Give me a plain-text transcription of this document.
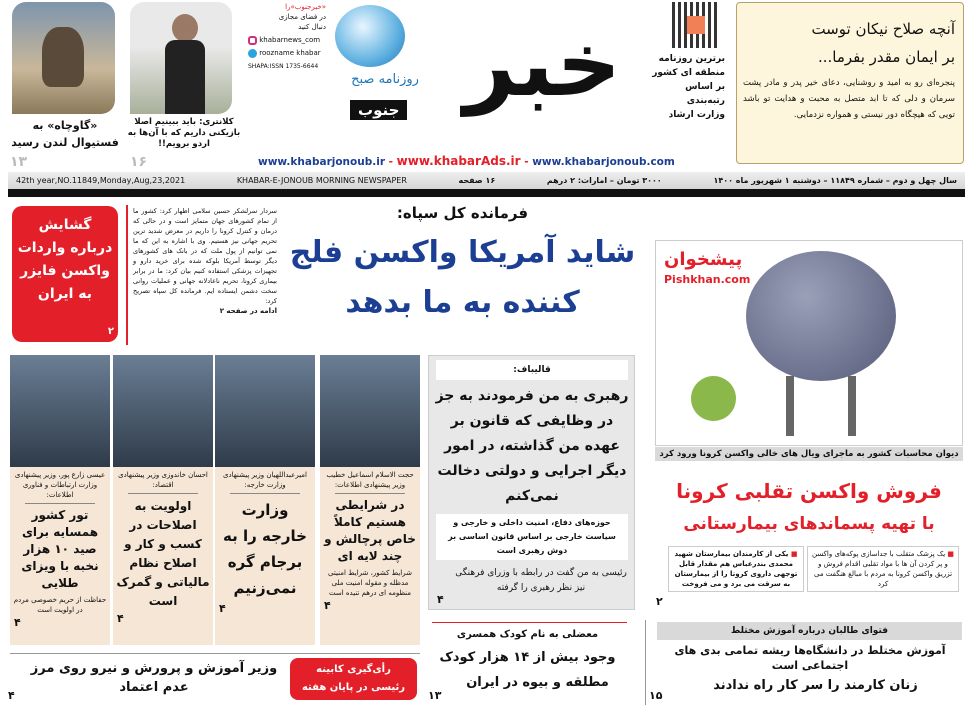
«گاوچاه» به فستیوال لندن رسید
۱۳
کلانتری: باید ببینیم اصلا بازیکنی داریم که با آن‌ها به اردو برویم!!
۱۶
«خبرجنوب»را
در فضای مجازی
دنبال کنید
khabarnews_com
roozname khabar
SHAPA:ISSN 1735-6644
روزنامه صبح خبر
جنوب
برترین روزنامه
منطقه ای کشور
بر اساس
رتبه‌بندی
وزارت ارشاد
آنچه صلاح نیکان توست
بر ایمان مقدر بفرما...
پنجره‌ای رو به امید و روشنایی، دعای خیر پدر و مادر پشت سرمان و دلی که تا ابد متصل به محبت و هدایت تو باشد تویی که هیچگاه دور نیستی و همواره نزدمایی.
www.khabarjonoub.ir - www.khabarAds.ir - www.khabarjonoub.com
42th year,NO.11849,Monday,Aug,23,2021	KHABAR-E-JONOUB MORNING NEWSPAPER	۱۶ صفحه	۳۰۰۰ تومان – امارات: ۲ درهم	سال چهل و دوم – شماره ۱۱۸۴۹ – دوشنبه ۱ شهریور ماه ۱۴۰۰
گشایش درباره واردات واکسن فایزر به ایران
۲
سردار سرلشکر حسین سلامی اظهار کرد: کشور ما از تمام کشورهای جهان متمایز است و در حالی که درمان و کنترل کرونا را داریم در معرض شدید ترین تحریم جهانی نیز هستیم. وی با اشاره به این که ما نمی توانیم از پول ملت که در بانک های کشورهای دیگر توسط آمریکا بلوکه شده برای خرید دارو و تجهیزات پزشکی استفاده کنیم بیان کرد: ما در برابر بیماری کرونا، تحریم ناعادلانه جهانی و عملیات روانی سخت دشمن ایستاده ایم. فرمانده کل سپاه تصریح کرد:
ادامه در صفحه ۲
فرمانده کل سپاه:
شاید آمریکا واکسن فلج کننده به ما بدهد
پیشخوان
Pishkhan.com
دیوان محاسبات کشور به ماجرای ویال های خالی واکسن کرونا ورود کرد
فروش واکسن تقلبی کرونا
با تهیه پسماندهای بیمارستانی
■ یک پزشک متقلب با جداسازی پوکه‌های واکسن و پر کردن آن ها با مواد تقلبی اقدام فروش و تزریق واکسن کرونا به مردم با مبالغ هنگفت می کرد
■ یکی از کارمندان بیمارستان شهید محمدی بندرعباس هم مقدار قابل توجهی داروی کرونا را از بیمارستان به سرقت می برد و می فروخت
۲
قالیباف:
رهبری به من فرمودند به جز در وظایفی که قانون بر عهده من گذاشته، در امور دیگر اجرایی و دولتی دخالت نمی‌کنم
حوزه‌های دفاع، امنیت داخلی و خارجی و سیاست خارجی بر اساس قانون اساسی بر دوش رهبری است
رئیسی به من گفت در رابطه با وزرای فرهنگی نیز نظر رهبری را گرفته
۴
حجت الاسلام اسماعیل خطیب وزیر پیشنهادی اطلاعات:
در شرایطی هستیم کاملاً خاص پرچالش و چند لایه ای
شرایط کشور، شرایط امنیتی مدظله و مقوله امنیت ملی منظومه ای درهم تنیده است
۴
امیرعبداللهیان وزیر پیشنهادی وزارت خارجه:
وزارت خارجه را به برجام گره نمی‌زنیم
۴
احسان خاندوزی وزیر پیشنهادی اقتصاد:
اولویت به اصلاحات در کسب و کار و اصلاح نظام مالیاتی و گمرک است
۴
عیسی زارع پور، وزیر پیشنهادی وزارت ارتباطات و فناوری اطلاعات:
تور کشور همسایه برای صید ۱۰ هزار نخبه با ویزای طلایی
حفاظت از حریم خصوصی مردم در اولویت است
۴
رأی‌گیری کابینه رئیسی در پایان هفته
وزیر آموزش و پرورش و نیرو روی مرز عدم اعتماد
۴
معضلی به نام کودک همسری
وجود بیش از ۱۴ هزار کودک
مطلقه و بیوه در ایران
۱۳
فتوای طالبان درباره آموزش مختلط
آموزش مختلط در دانشگاه‌ها ریشه تمامی بدی های اجتماعی است
زنان کارمند را سر کار راه ندادند
۱۵
